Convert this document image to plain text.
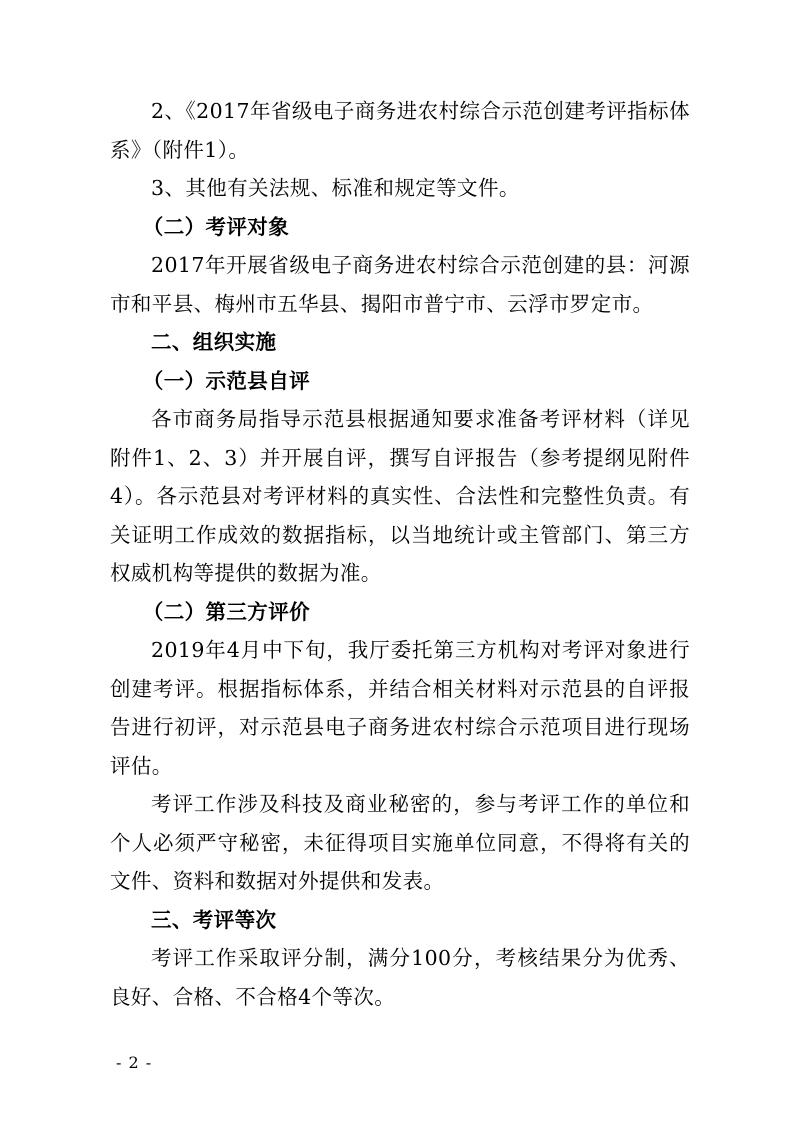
2、《2017年省级电子商务进农村综合示范创建考评指标体系》（附件1）。

3、其他有关法规、标准和规定等文件。

（二）考评对象

2017年开展省级电子商务进农村综合示范创建的县：河源市和平县、梅州市五华县、揭阳市普宁市、云浮市罗定市。

二、组织实施

（一）示范县自评

各市商务局指导示范县根据通知要求准备考评材料（详见附件1、2、3）并开展自评，撰写自评报告（参考提纲见附件4）。各示范县对考评材料的真实性、合法性和完整性负责。有关证明工作成效的数据指标，以当地统计或主管部门、第三方权威机构等提供的数据为准。

（二）第三方评价

2019年4月中下旬，我厅委托第三方机构对考评对象进行创建考评。根据指标体系，并结合相关材料对示范县的自评报告进行初评，对示范县电子商务进农村综合示范项目进行现场评估。

考评工作涉及科技及商业秘密的，参与考评工作的单位和个人必须严守秘密，未征得项目实施单位同意，不得将有关的文件、资料和数据对外提供和发表。

三、考评等次

考评工作采取评分制，满分100分，考核结果分为优秀、良好、合格、不合格4个等次。

- 2 -
